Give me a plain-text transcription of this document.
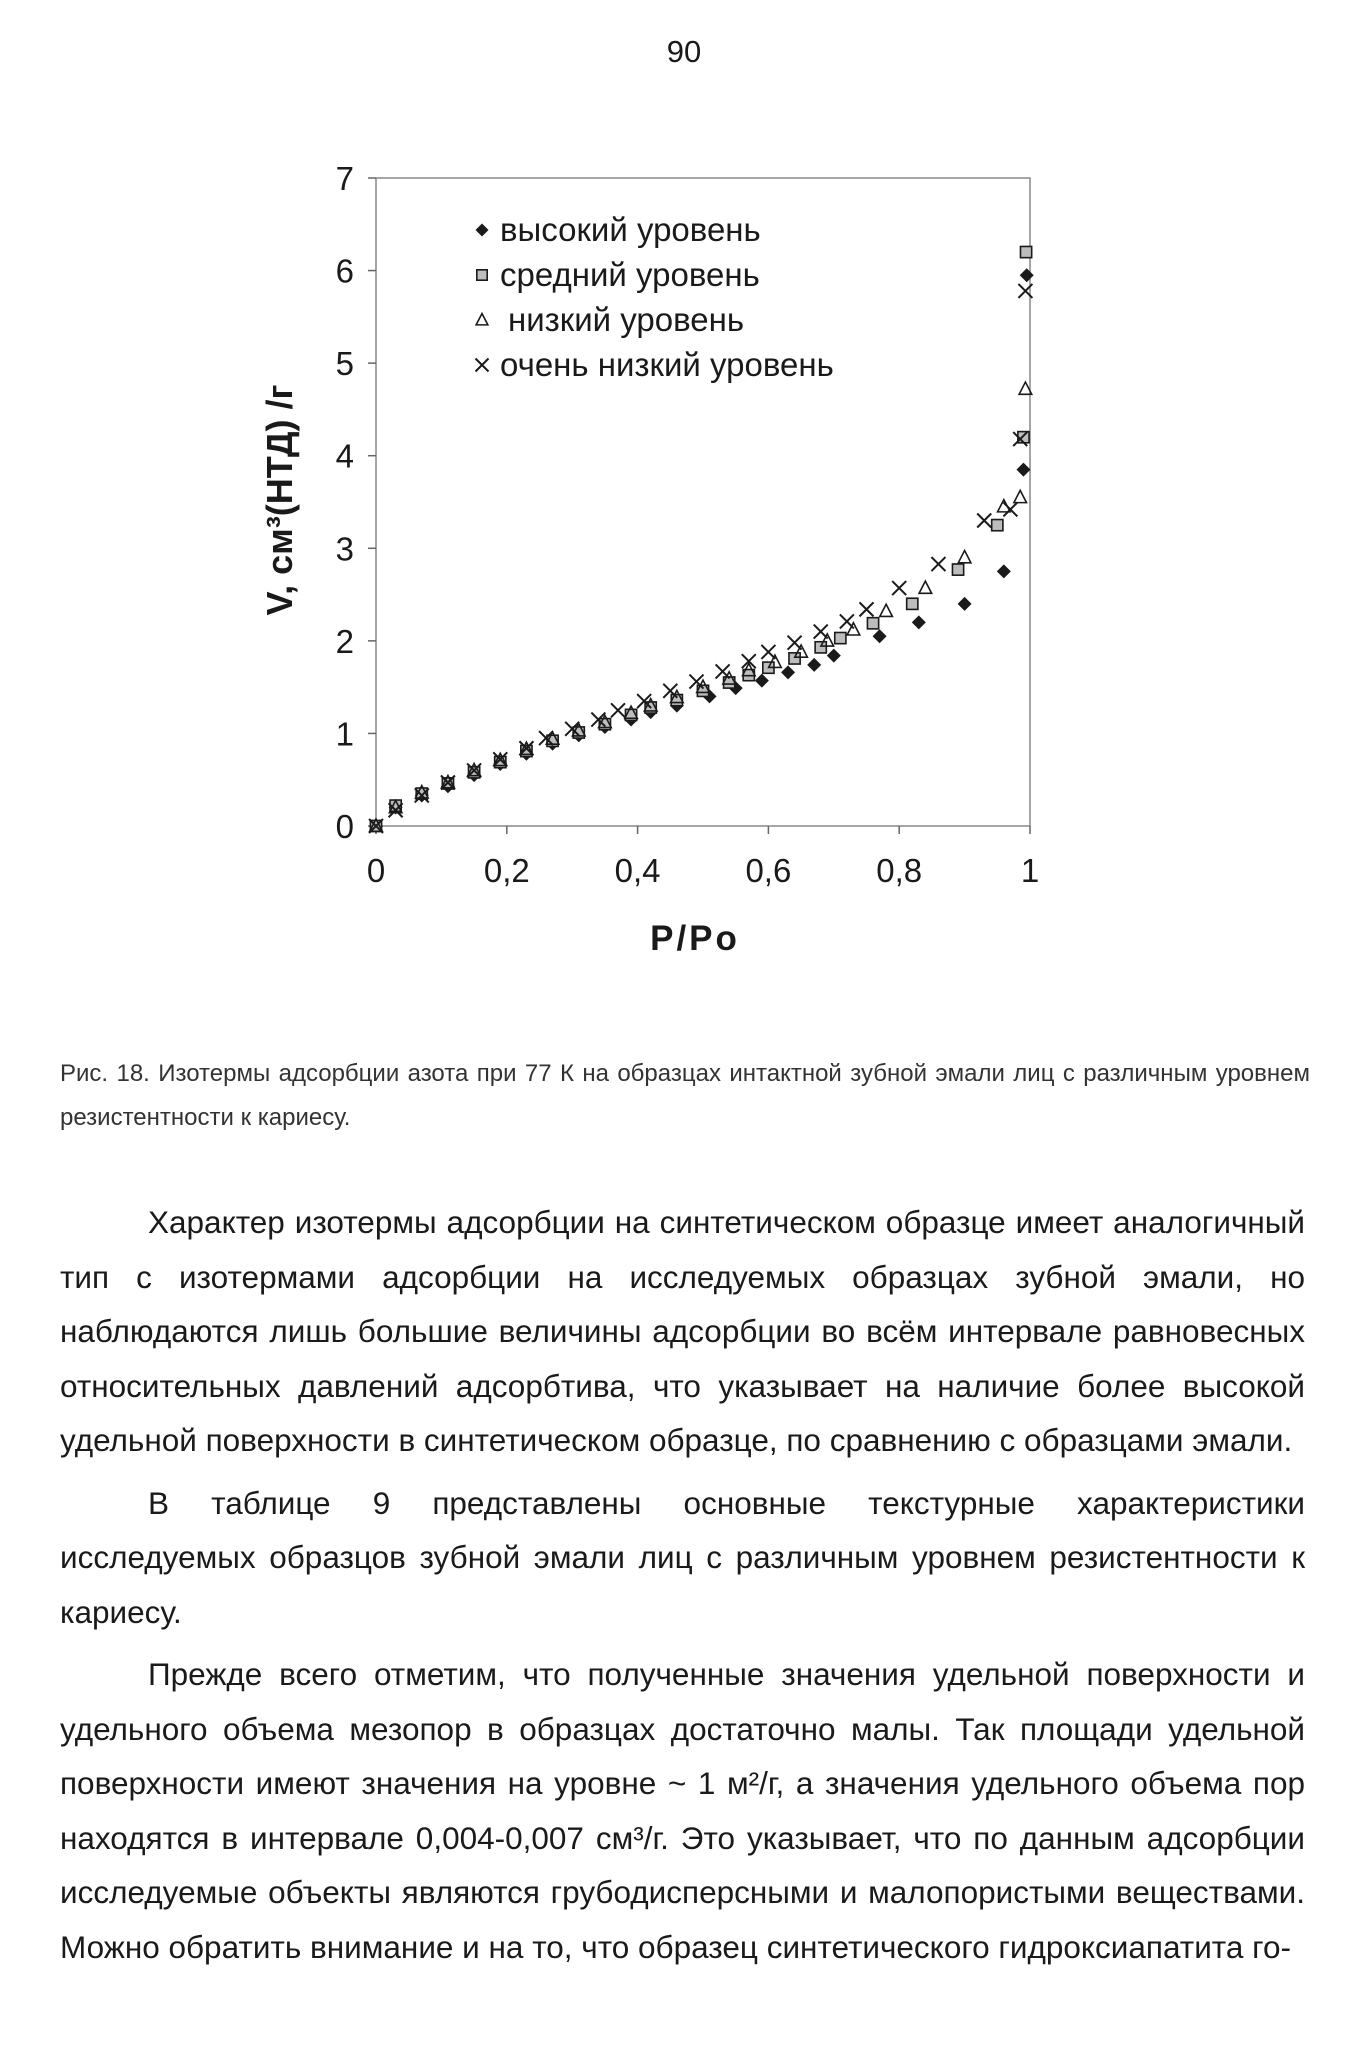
90
0
1
2
3
4
5
6
7
0	0,2	0,4	0,6	0,8	1
высокий уровень
средний уровень
низкий уровень
очень низкий уровень
P/Po
V, см³(НТД) /г
Рис. 18. Изотермы адсорбции азота при 77 К на образцах интактной зубной эмали лиц с различным уровнем резистентности к кариесу.

Характер изотермы адсорбции на синтетическом образце имеет аналогичный тип с изотермами адсорбции на исследуемых образцах зубной эмали, но наблюдаются лишь большие величины адсорбции во всём интервале равновесных относительных давлений адсорбтива, что указывает на наличие более высокой удельной поверхности в синтетическом образце, по сравнению с образцами эмали.

В таблице 9 представлены основные текстурные характеристики исследуемых образцов зубной эмали лиц с различным уровнем резистентности к кариесу.

Прежде всего отметим, что полученные значения удельной поверхности и удельного объема мезопор в образцах достаточно малы. Так площади удельной поверхности имеют значения на уровне ~ 1 м²/г, а значения удельного объема пор находятся в интервале 0,004-0,007 см³/г. Это указывает, что по данным адсорбции исследуемые объекты являются грубодисперсными и малопористыми веществами. Можно обратить внимание и на то, что образец синтетического гидроксиапатита го-
